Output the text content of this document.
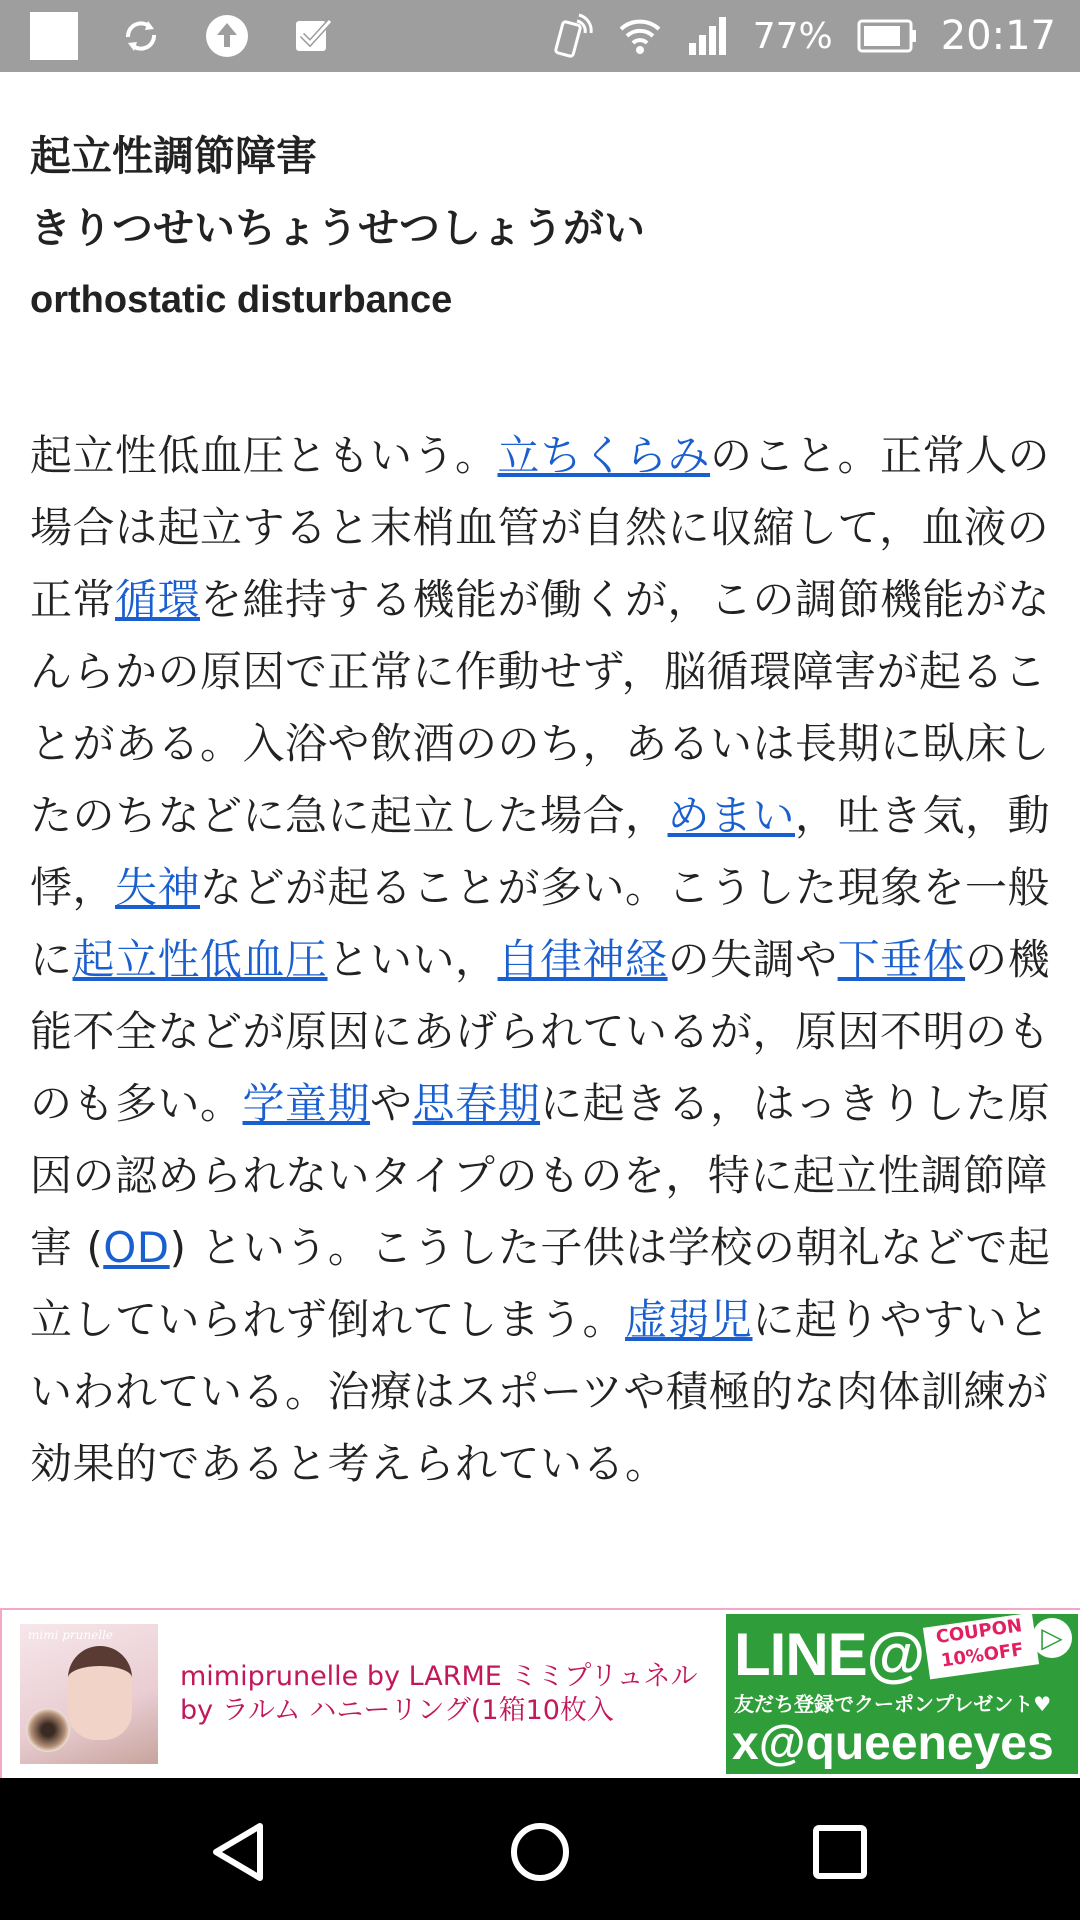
77%	20:17

起立性調節障害

きりつせいちょうせつしょうがい

orthostatic disturbance

起立性低血圧ともいう。立ちくらみのこと。正常人の場合は起立すると末梢血管が自然に収縮して，血液の正常循環を維持する機能が働くが，この調節機能がなんらかの原因で正常に作動せず，脳循環障害が起ることがある。入浴や飲酒ののち，あるいは長期に臥床したのちなどに急に起立した場合，めまい，吐き気，動悸，失神などが起ることが多い。こうした現象を一般に起立性低血圧といい，自律神経の失調や下垂体の機能不全などが原因にあげられているが，原因不明のものも多い。学童期や思春期に起きる，はっきりした原因の認められないタイプのものを，特に起立性調節障害 (OD) という。こうした子供は学校の朝礼などで起立していられず倒れてしまう。虚弱児に起りやすいといわれている。治療はスポーツや積極的な肉体訓練が効果的であると考えられている。

mimi prunelle
mimiprunelle by LARME ミミプリュネル by ラルム ハニーリング(1箱10枚入
LINE@ COUPON 10%OFF
▷
友だち登録でクーポンプレゼント♥
x@queeneyes
